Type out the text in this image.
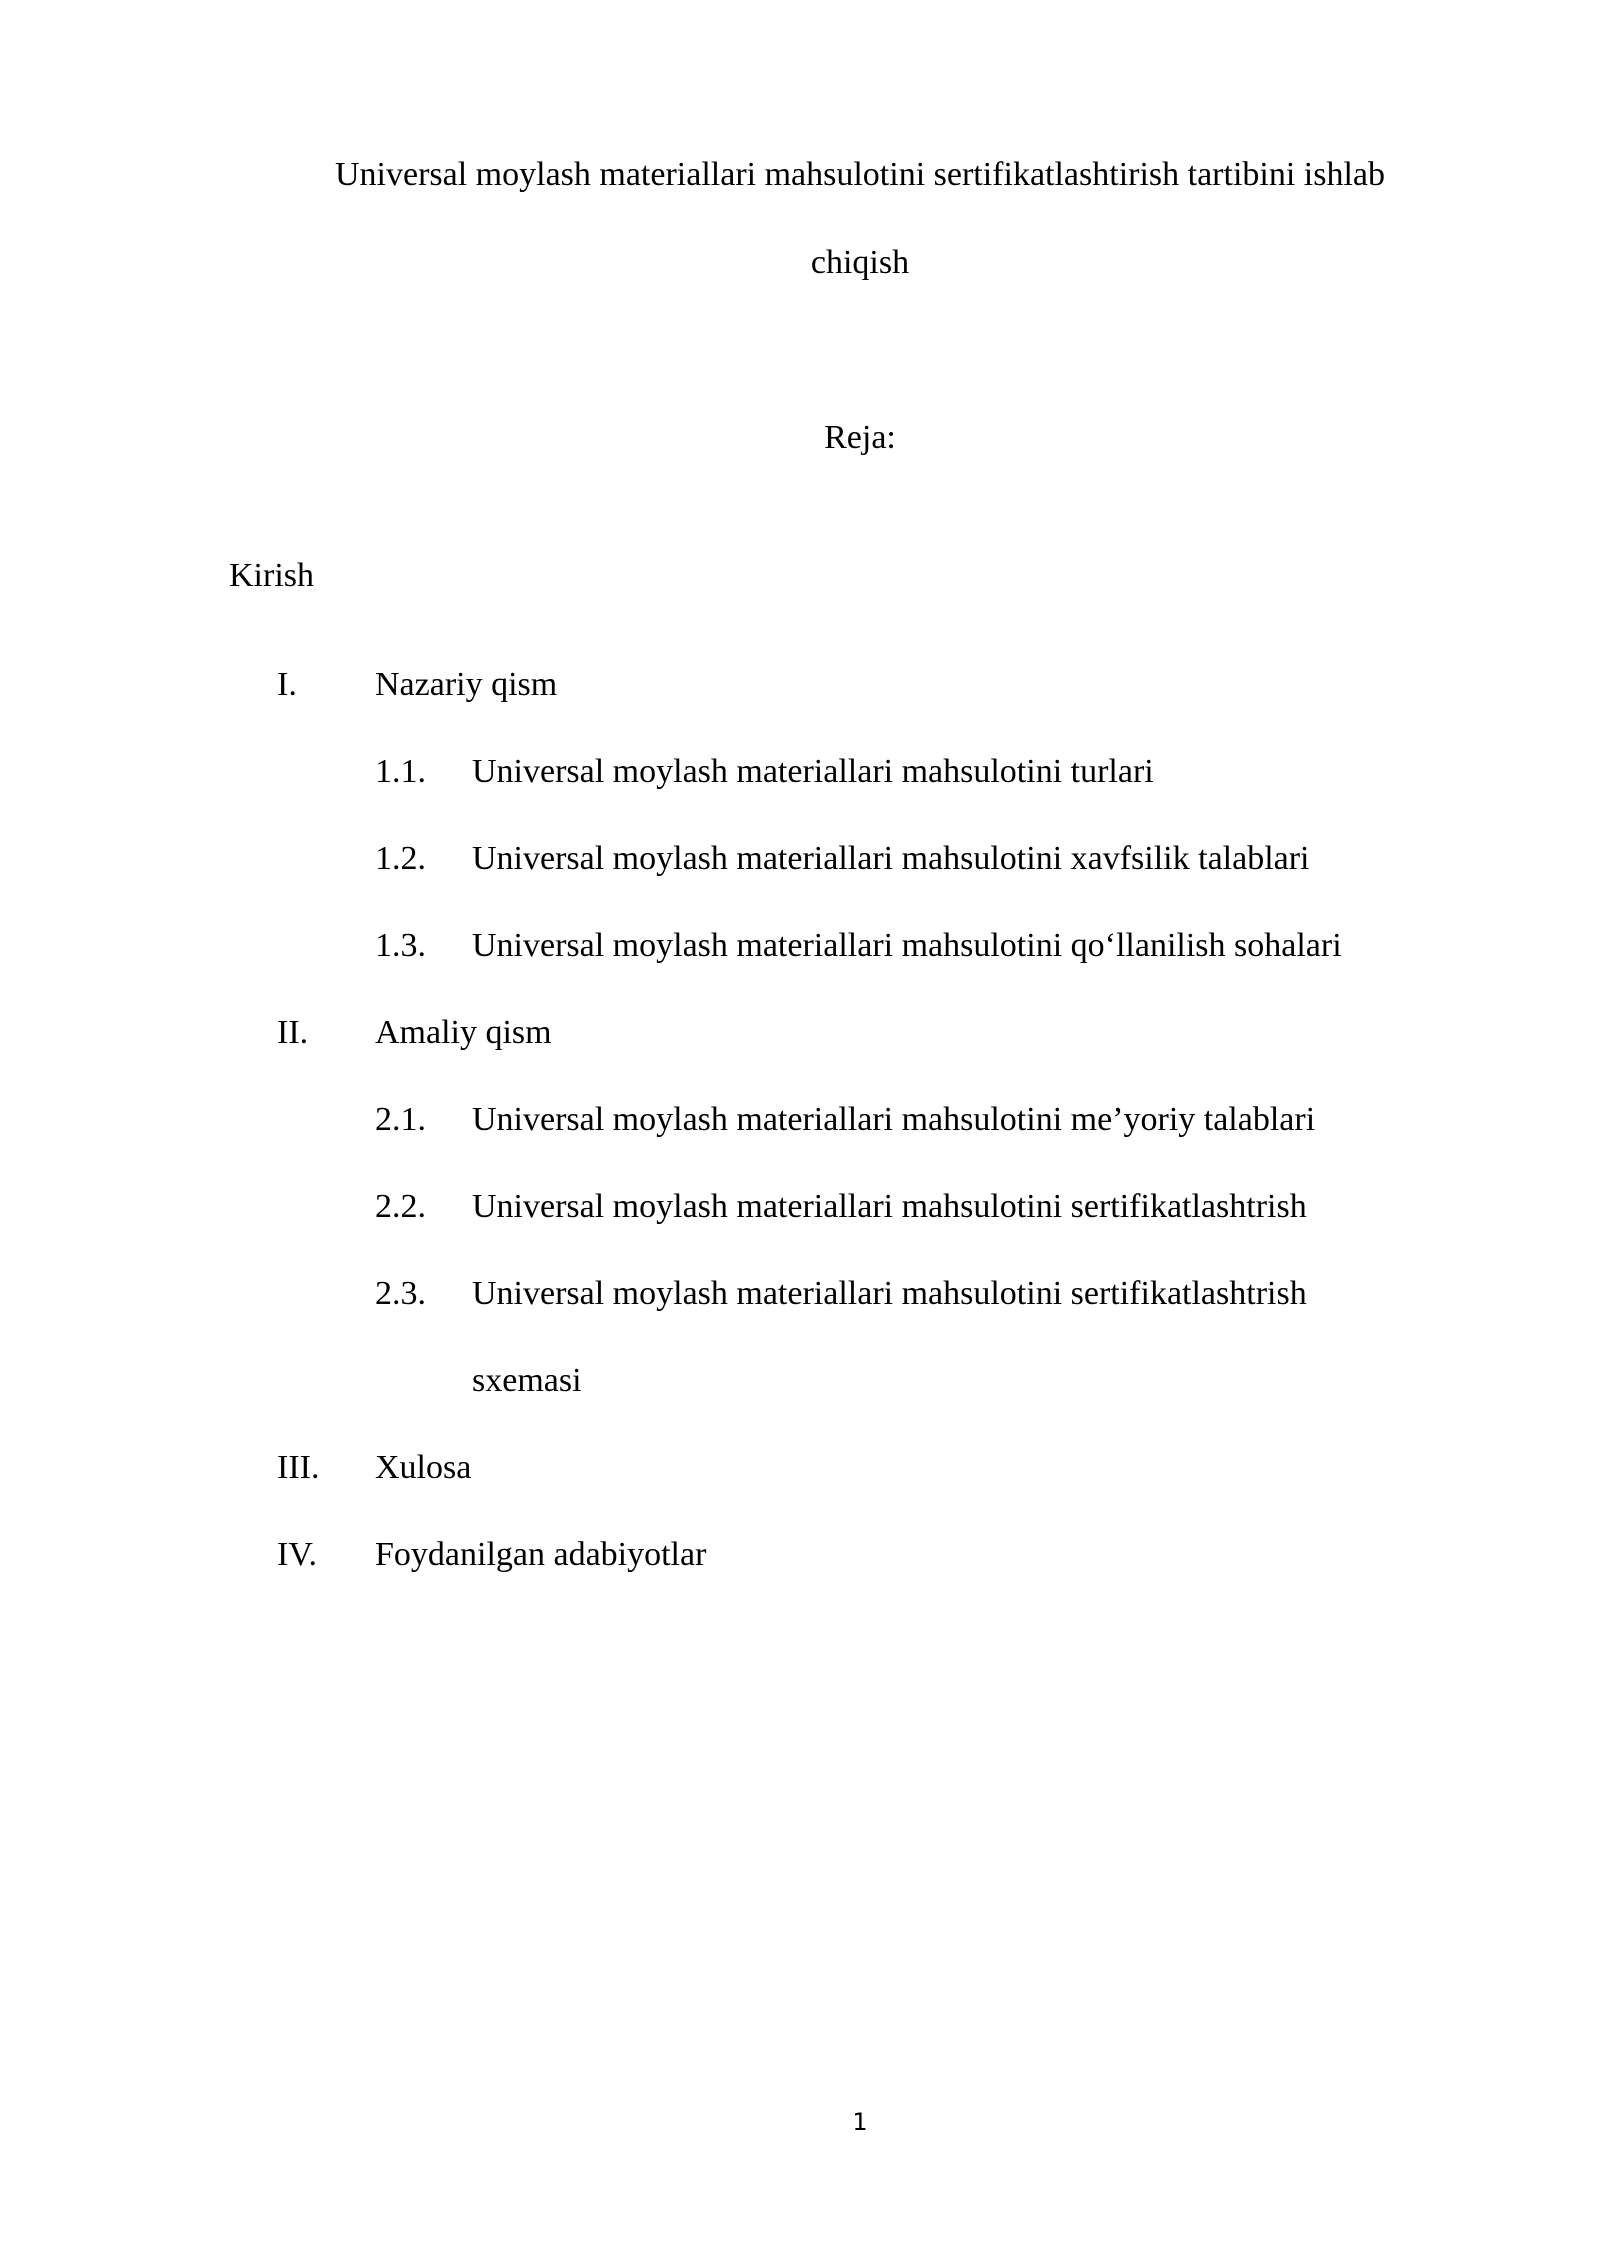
Universal moylash materiallari mahsulotini sertifikatlashtirish tartibini ishlab
chiqish
Reja:
Kirish
I. Nazariy qism
1.1. Universal moylash materiallari mahsulotini turlari
1.2. Universal moylash materiallari mahsulotini xavfsilik talablari
1.3. Universal moylash materiallari mahsulotini qo‘llanilish sohalari
II. Amaliy qism
2.1. Universal moylash materiallari mahsulotini me’yoriy talablari
2.2. Universal moylash materiallari mahsulotini sertifikatlashtrish
2.3. Universal moylash materiallari mahsulotini sertifikatlashtrish
sxemasi
III. Xulosa
IV. Foydanilgan adabiyotlar
1
